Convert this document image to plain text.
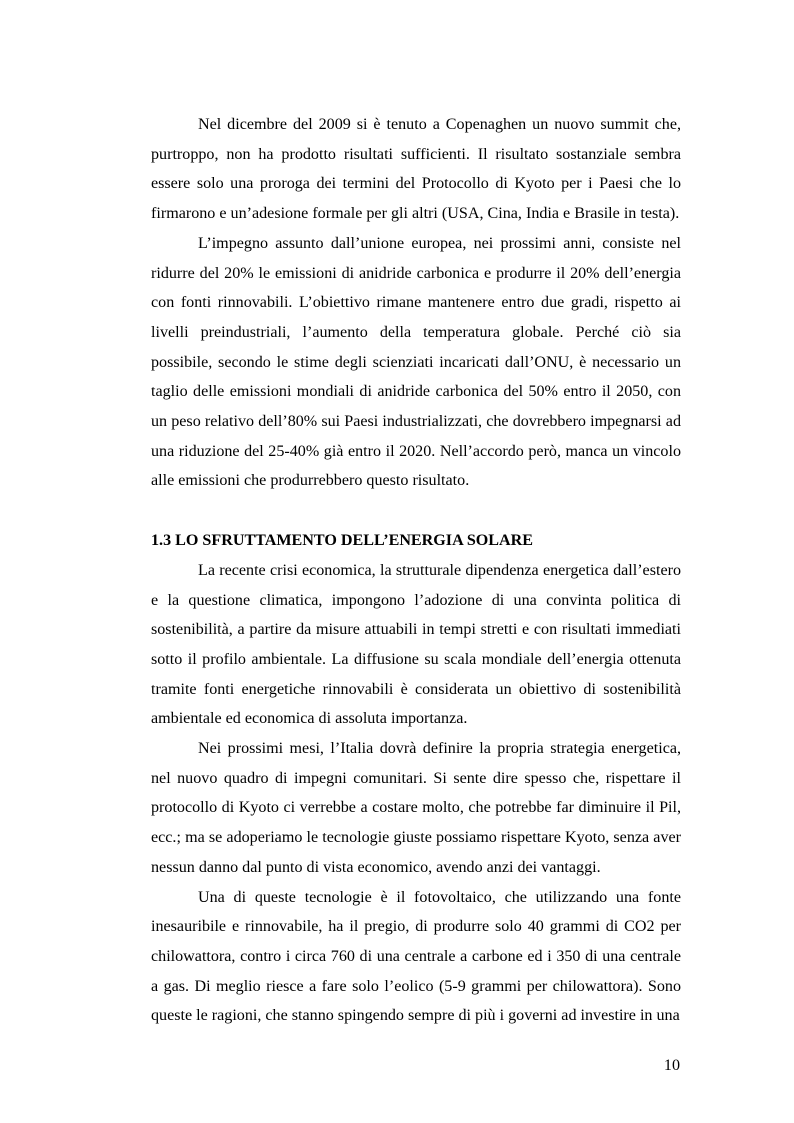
Nel dicembre del 2009 si è tenuto a Copenaghen un nuovo summit che, purtroppo, non ha prodotto risultati sufficienti. Il risultato sostanziale sembra essere solo una proroga dei termini del Protocollo di Kyoto per i Paesi che lo firmarono e un’adesione formale per gli altri (USA, Cina, India e Brasile in testa).

L’impegno assunto dall’unione europea, nei prossimi anni, consiste nel ridurre del 20% le emissioni di anidride carbonica e produrre il 20% dell’energia con fonti rinnovabili. L’obiettivo rimane mantenere entro due gradi, rispetto ai livelli preindustriali, l’aumento della temperatura globale. Perché ciò sia possibile, secondo le stime degli scienziati incaricati dall’ONU, è necessario un taglio delle emissioni mondiali di anidride carbonica del 50% entro il 2050, con un peso relativo dell’80% sui Paesi industrializzati, che dovrebbero impegnarsi ad una riduzione del 25-40% già entro il 2020. Nell’accordo però, manca un vincolo alle emissioni che produrrebbero questo risultato.

1.3 LO SFRUTTAMENTO DELL’ENERGIA SOLARE

La recente crisi economica, la strutturale dipendenza energetica dall’estero e la questione climatica, impongono l’adozione di una convinta politica di sostenibilità, a partire da misure attuabili in tempi stretti e con risultati immediati sotto il profilo ambientale. La diffusione su scala mondiale dell’energia ottenuta tramite fonti energetiche rinnovabili è considerata un obiettivo di sostenibilità ambientale ed economica di assoluta importanza.

Nei prossimi mesi, l’Italia dovrà definire la propria strategia energetica, nel nuovo quadro di impegni comunitari. Si sente dire spesso che, rispettare il protocollo di Kyoto ci verrebbe a costare molto, che potrebbe far diminuire il Pil, ecc.; ma se adoperiamo le tecnologie giuste possiamo rispettare Kyoto, senza aver nessun danno dal punto di vista economico, avendo anzi dei vantaggi.

Una di queste tecnologie è il fotovoltaico, che utilizzando una fonte inesauribile e rinnovabile, ha il pregio, di produrre solo 40 grammi di CO2 per chilowattora, contro i circa 760 di una centrale a carbone ed i 350 di una centrale a gas. Di meglio riesce a fare solo l’eolico (5-9 grammi per chilowattora). Sono queste le ragioni, che stanno spingendo sempre di più i governi ad investire in una

10
